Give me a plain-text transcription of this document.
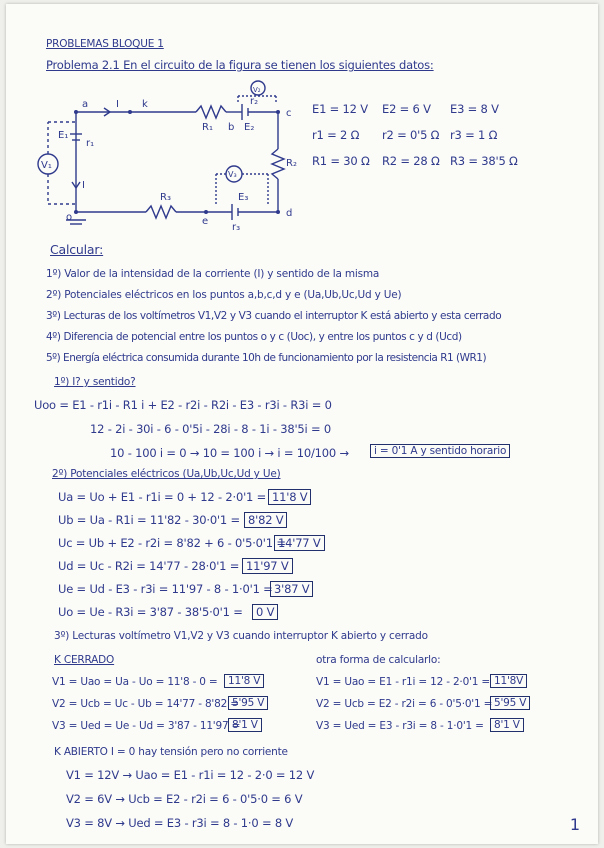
PROBLEMAS BLOQUE 1
Problema 2.1 En el circuito de la figura se tienen los siguientes datos:
a	I k
R₁ b E₂
c
R₂
d
R₃
e
E₃
r₃
E₁
r₁
I
o
V₁
V₂
V₃
r₂
E1 = 12 V E2 = 6 V E3 = 8 V
r1 = 2 Ω r2 = 0'5 Ω r3 = 1 Ω
R1 = 30 Ω R2 = 28 Ω R3 = 38'5 Ω
Calcular:
1º) Valor de la intensidad de la corriente (I) y sentido de la misma
2º) Potenciales eléctricos en los puntos a,b,c,d y e (Ua,Ub,Uc,Ud y Ue)
3º) Lecturas de los voltímetros V1,V2 y V3 cuando el interruptor K está abierto y esta cerrado
4º) Diferencia de potencial entre los puntos o y c (Uoc), y entre los puntos c y d (Ucd)
5º) Energía eléctrica consumida durante 10h de funcionamiento por la resistencia R1 (WR1)
1º) I? y sentido?
Uoo = E1 - r1i - R1 i + E2 - r2i - R2i - E3 - r3i - R3i = 0
12 - 2i - 30i - 6 - 0'5i - 28i - 8 - 1i - 38'5i = 0
10 - 100 i = 0 → 10 = 100 i → i = 10/100 →	i = 0'1 A y sentido horario
2º) Potenciales eléctricos (Ua,Ub,Uc,Ud y Ue)
Ua = Uo + E1 - r1i = 0 + 12 - 2·0'1 = 11'8 V
Ub = Ua - R1i = 11'82 - 30·0'1 = 8'82 V
Uc = Ub + E2 - r2i = 8'82 + 6 - 0'5·0'1 =
14'77 V
Ud = Uc - R2i = 14'77 - 28·0'1 = 11'97 V
Ue = Ud - E3 - r3i = 11'97 - 8 - 1·0'1 = 3'87 V
Uo = Ue - R3i = 3'87 - 38'5·0'1 =	0 V
3º) Lecturas voltímetro V1,V2 y V3 cuando interruptor K abierto y cerrado
K CERRADO
V1 = Uao = Ua - Uo = 11'8 - 0 = 11'8 V
V2 = Ucb = Uc - Ub = 14'77 - 8'82 =
5'95 V
V3 = Ued = Ue - Ud = 3'87 - 11'97 =
8'1 V
otra forma de calcularlo:
V1 = Uao = E1 - r1i = 12 - 2·0'1 = 11'8V
V2 = Ucb = E2 - r2i = 6 - 0'5·0'1 = 5'95 V
V3 = Ued = E3 - r3i = 8 - 1·0'1 = 8'1 V
K ABIERTO I = 0 hay tensión pero no corriente
V1 = 12V → Uao = E1 - r1i = 12 - 2·0 = 12 V
V2 = 6V → Ucb = E2 - r2i = 6 - 0'5·0 = 6 V
V3 = 8V → Ued = E3 - r3i = 8 - 1·0 = 8 V	1
